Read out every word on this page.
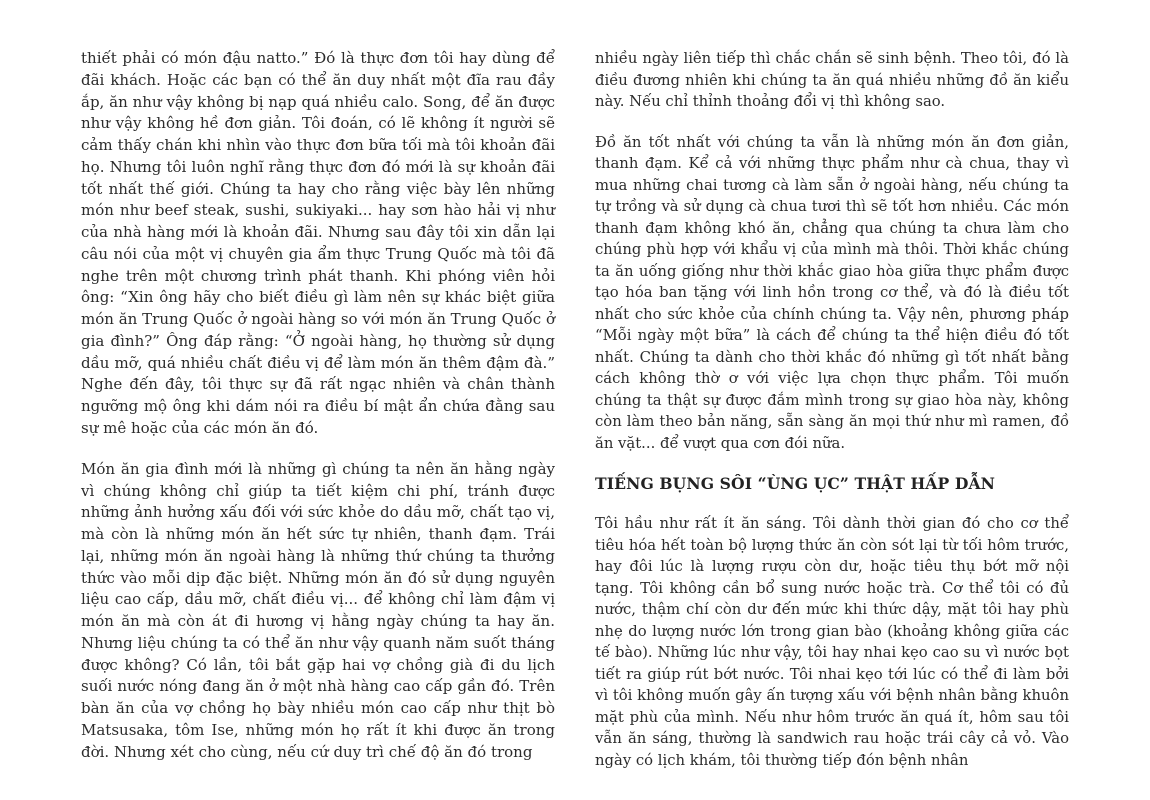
thiết phải có món đậu natto.” Đó là thực đơn tôi hay dùng để đãi khách. Hoặc các bạn có thể ăn duy nhất một đĩa rau đầy ắp, ăn như vậy không bị nạp quá nhiều calo. Song, để ăn được như vậy không hề đơn giản. Tôi đoán, có lẽ không ít người sẽ cảm thấy chán khi nhìn vào thực đơn bữa tối mà tôi khoản đãi họ. Nhưng tôi luôn nghĩ rằng thực đơn đó mới là sự khoản đãi tốt nhất thế giới. Chúng ta hay cho rằng việc bày lên những món như beef steak, sushi, sukiyaki... hay sơn hào hải vị như của nhà hàng mới là khoản đãi. Nhưng sau đây tôi xin dẫn lại câu nói của một vị chuyên gia ẩm thực Trung Quốc mà tôi đã nghe trên một chương trình phát thanh. Khi phóng viên hỏi ông: “Xin ông hãy cho biết điều gì làm nên sự khác biệt giữa món ăn Trung Quốc ở ngoài hàng so với món ăn Trung Quốc ở gia đình?” Ông đáp rằng: “Ở ngoài hàng, họ thường sử dụng dầu mỡ, quá nhiều chất điều vị để làm món ăn thêm đậm đà.” Nghe đến đây, tôi thực sự đã rất ngạc nhiên và chân thành ngưỡng mộ ông khi dám nói ra điều bí mật ẩn chứa đằng sau sự mê hoặc của các món ăn đó.

Món ăn gia đình mới là những gì chúng ta nên ăn hằng ngày vì chúng không chỉ giúp ta tiết kiệm chi phí, tránh được những ảnh hưởng xấu đối với sức khỏe do dầu mỡ, chất tạo vị, mà còn là những món ăn hết sức tự nhiên, thanh đạm. Trái lại, những món ăn ngoài hàng là những thứ chúng ta thưởng thức vào mỗi dịp đặc biệt. Những món ăn đó sử dụng nguyên liệu cao cấp, dầu mỡ, chất điều vị... để không chỉ làm đậm vị món ăn mà còn át đi hương vị hằng ngày chúng ta hay ăn. Nhưng liệu chúng ta có thể ăn như vậy quanh năm suốt tháng được không? Có lần, tôi bắt gặp hai vợ chồng già đi du lịch suối nước nóng đang ăn ở một nhà hàng cao cấp gần đó. Trên bàn ăn của vợ chồng họ bày nhiều món cao cấp như thịt bò Matsusaka, tôm Ise, những món họ rất ít khi được ăn trong đời. Nhưng xét cho cùng, nếu cứ duy trì chế độ ăn đó trong

nhiều ngày liên tiếp thì chắc chắn sẽ sinh bệnh. Theo tôi, đó là điều đương nhiên khi chúng ta ăn quá nhiều những đồ ăn kiểu này. Nếu chỉ thỉnh thoảng đổi vị thì không sao.

Đồ ăn tốt nhất với chúng ta vẫn là những món ăn đơn giản, thanh đạm. Kể cả với những thực phẩm như cà chua, thay vì mua những chai tương cà làm sẵn ở ngoài hàng, nếu chúng ta tự trồng và sử dụng cà chua tươi thì sẽ tốt hơn nhiều. Các món thanh đạm không khó ăn, chẳng qua chúng ta chưa làm cho chúng phù hợp với khẩu vị của mình mà thôi. Thời khắc chúng ta ăn uống giống như thời khắc giao hòa giữa thực phẩm được tạo hóa ban tặng với linh hồn trong cơ thể, và đó là điều tốt nhất cho sức khỏe của chính chúng ta. Vậy nên, phương pháp “Mỗi ngày một bữa” là cách để chúng ta thể hiện điều đó tốt nhất. Chúng ta dành cho thời khắc đó những gì tốt nhất bằng cách không thờ ơ với việc lựa chọn thực phẩm. Tôi muốn chúng ta thật sự được đắm mình trong sự giao hòa này, không còn làm theo bản năng, sẵn sàng ăn mọi thứ như mì ramen, đồ ăn vặt... để vượt qua cơn đói nữa.

TIẾNG BỤNG SÔI “ÙNG ỤC” THẬT HẤP DẪN

Tôi hầu như rất ít ăn sáng. Tôi dành thời gian đó cho cơ thể tiêu hóa hết toàn bộ lượng thức ăn còn sót lại từ tối hôm trước, hay đôi lúc là lượng rượu còn dư, hoặc tiêu thụ bớt mỡ nội tạng. Tôi không cần bổ sung nước hoặc trà. Cơ thể tôi có đủ nước, thậm chí còn dư đến mức khi thức dậy, mặt tôi hay phù nhẹ do lượng nước lớn trong gian bào (khoảng không giữa các tế bào). Những lúc như vậy, tôi hay nhai kẹo cao su vì nước bọt tiết ra giúp rút bớt nước. Tôi nhai kẹo tới lúc có thể đi làm bởi vì tôi không muốn gây ấn tượng xấu với bệnh nhân bằng khuôn mặt phù của mình. Nếu như hôm trước ăn quá ít, hôm sau tôi vẫn ăn sáng, thường là sandwich rau hoặc trái cây cả vỏ. Vào ngày có lịch khám, tôi thường tiếp đón bệnh nhân
